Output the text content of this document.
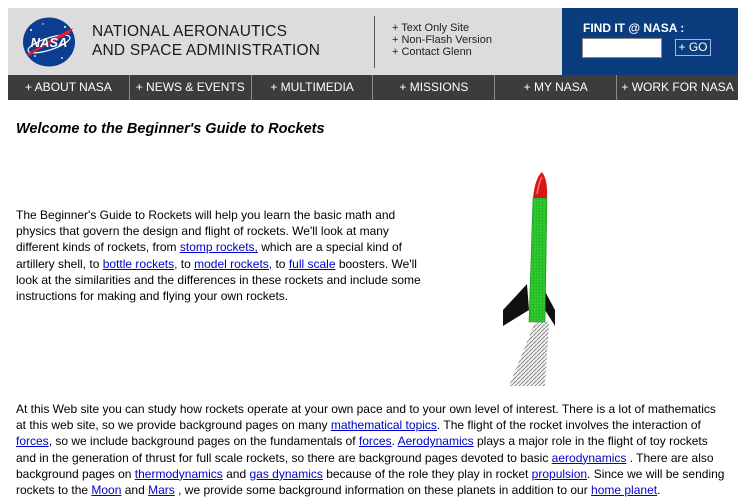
NASA
NATIONAL AERONAUTICS
AND SPACE ADMINISTRATION
+ Text Only Site
+ Non-Flash Version
+ Contact Glenn
FIND IT @ NASA :
+ GO
+ ABOUT NASA	+ NEWS & EVENTS	+ MULTIMEDIA	+ MISSIONS	+ MY NASA	+ WORK FOR NASA
Welcome to the Beginner's Guide to Rockets

The Beginner's Guide to Rockets will help you learn the basic math and physics that govern the design and flight of rockets. We'll look at many different kinds of rockets, from stomp rockets, which are a special kind of artillery shell, to bottle rockets, to model rockets, to full scale boosters. We'll look at the similarities and the differences in these rockets and include some instructions for making and flying your own rockets.

At this Web site you can study how rockets operate at your own pace and to your own level of interest. There is a lot of mathematics at this web site, so we provide background pages on many mathematical topics. The flight of the rocket involves the interaction of forces, so we include background pages on the fundamentals of forces. Aerodynamics plays a major role in the flight of toy rockets and in the generation of thrust for full scale rockets, so there are background pages devoted to basic aerodynamics . There are also background pages on thermodynamics and gas dynamics because of the role they play in rocket propulsion. Since we will be sending rockets to the Moon and Mars , we provide some background information on these planets in addition to our home planet.
